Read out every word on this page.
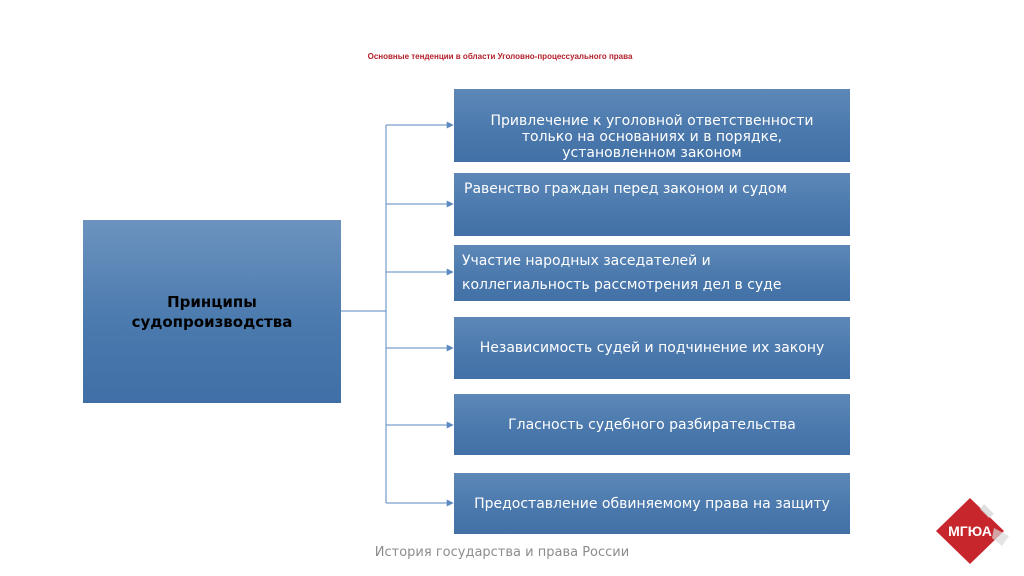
Основные тенденции в области Уголовно-процессуального права
Принципы судопроизводства
Привлечение к уголовной ответственности только на основаниях и в порядке, установленном законом
Равенство граждан перед законом и судом
Участие народных заседателей и коллегиальность рассмотрения дел в суде
Независимость судей и подчинение их закону
Гласность судебного разбирательства
Предоставление обвиняемому права на защиту
История государства и права России
МГЮА
